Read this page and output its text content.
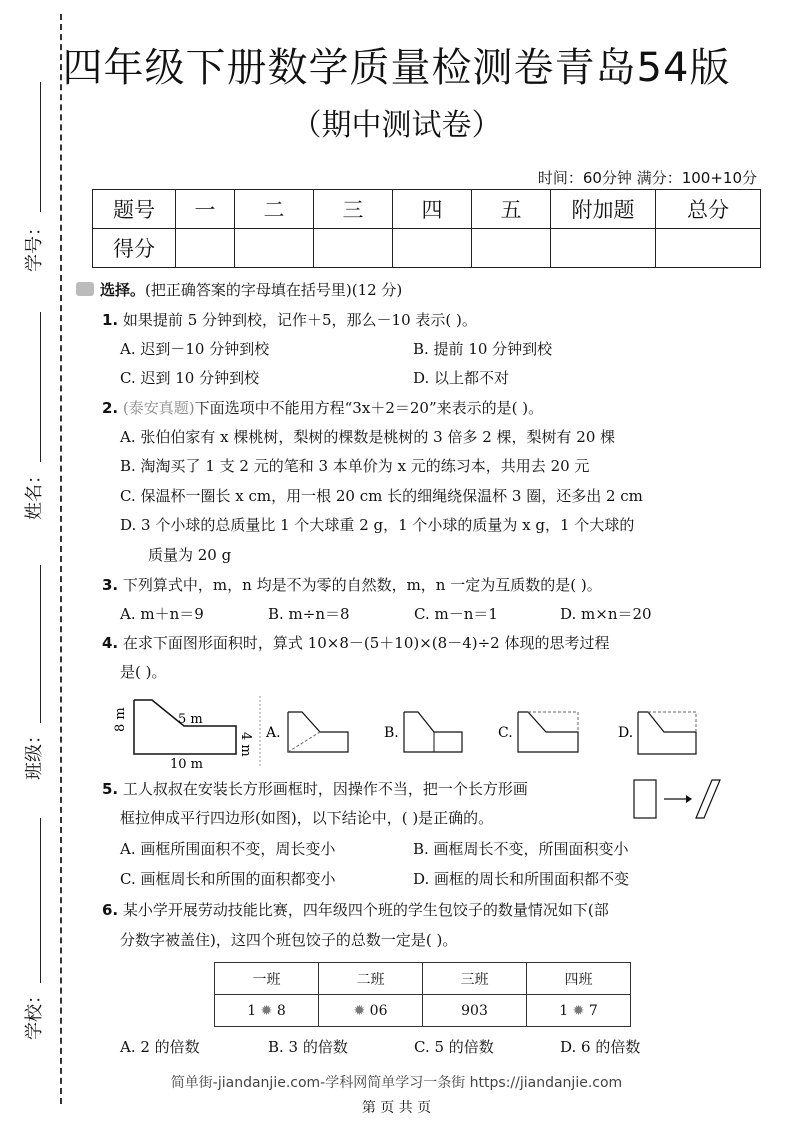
学号：
姓名：
班级：
学校：
四年级下册数学质量检测卷青岛54版
（期中测试卷）
时间：60分钟 满分：100+10分
题号	一	二	三	四	五	附加题	总分
得分							
选择。(把正确答案的字母填在括号里)(12 分)
1. 如果提前 5 分钟到校，记作＋5，那么－10 表示( )。
A. 迟到－10 分钟到校	B. 提前 10 分钟到校
C. 迟到 10 分钟到校	D. 以上都不对
2. (泰安真题)下面选项中不能用方程“3x＋2＝20”来表示的是( )。
A. 张伯伯家有 x 棵桃树，梨树的棵数是桃树的 3 倍多 2 棵，梨树有 20 棵
B. 淘淘买了 1 支 2 元的笔和 3 本单价为 x 元的练习本，共用去 20 元
C. 保温杯一圈长 x cm，用一根 20 cm 长的细绳绕保温杯 3 圈，还多出 2 cm
D. 3 个小球的总质量比 1 个大球重 2 g，1 个小球的质量为 x g，1 个大球的
质量为 20 g
3. 下列算式中，m，n 均是不为零的自然数，m，n 一定为互质数的是( )。
A. m＋n＝9	B. m÷n＝8	C. m－n＝1	D. m×n＝20
4. 在求下面图形面积时，算式 10×8－(5＋10)×(8－4)÷2 体现的思考过程
是( )。
5 m
8 m
4 m
10 m
A.	B.	C.	D.
5. 工人叔叔在安装长方形画框时，因操作不当，把一个长方形画
框拉伸成平行四边形(如图)，以下结论中，( )是正确的。
A. 画框所围面积不变，周长变小	B. 画框周长不变，所围面积变小
C. 画框周长和所围的面积都变小	D. 画框的周长和所围面积都不变
6. 某小学开展劳动技能比赛，四年级四个班的学生包饺子的数量情况如下(部
分数字被盖住)，这四个班包饺子的总数一定是( )。
一班	二班	三班	四班
1 ✹ 8	✹ 06	903	1 ✹ 7
A. 2 的倍数	B. 3 的倍数	C. 5 的倍数	D. 6 的倍数
简单街-jiandanjie.com-学科网简单学习一条街 https://jiandanjie.com
第 页 共 页
